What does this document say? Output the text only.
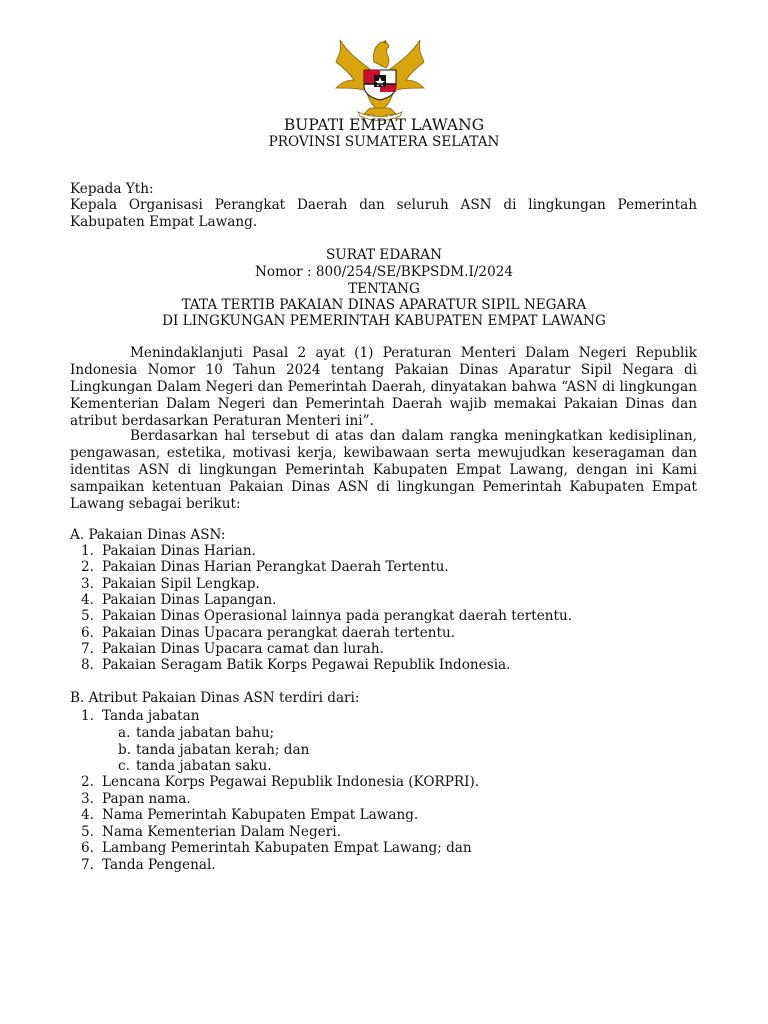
BUPATI EMPAT LAWANG
PROVINSI SUMATERA SELATAN
Kepada Yth:
Kepala Organisasi Perangkat Daerah dan seluruh ASN di lingkungan Pemerintah Kabupaten Empat Lawang.
SURAT EDARAN
Nomor : 800/254/SE/BKPSDM.I/2024
TENTANG
TATA TERTIB PAKAIAN DINAS APARATUR SIPIL NEGARA
DI LINGKUNGAN PEMERINTAH KABUPATEN EMPAT LAWANG
Menindaklanjuti Pasal 2 ayat (1) Peraturan Menteri Dalam Negeri Republik Indonesia Nomor 10 Tahun 2024 tentang Pakaian Dinas Aparatur Sipil Negara di Lingkungan Dalam Negeri dan Pemerintah Daerah, dinyatakan bahwa “ASN di lingkungan Kementerian Dalam Negeri dan Pemerintah Daerah wajib memakai Pakaian Dinas dan atribut berdasarkan Peraturan Menteri ini”.
Berdasarkan hal tersebut di atas dan dalam rangka meningkatkan kedisiplinan, pengawasan, estetika, motivasi kerja, kewibawaan serta mewujudkan keseragaman dan identitas ASN di lingkungan Pemerintah Kabupaten Empat Lawang, dengan ini Kami sampaikan ketentuan Pakaian Dinas ASN di lingkungan Pemerintah Kabupaten Empat Lawang sebagai berikut:
A. Pakaian Dinas ASN:
1. Pakaian Dinas Harian.
2. Pakaian Dinas Harian Perangkat Daerah Tertentu.
3. Pakaian Sipil Lengkap.
4. Pakaian Dinas Lapangan.
5. Pakaian Dinas Operasional lainnya pada perangkat daerah tertentu.
6. Pakaian Dinas Upacara perangkat daerah tertentu.
7. Pakaian Dinas Upacara camat dan lurah.
8. Pakaian Seragam Batik Korps Pegawai Republik Indonesia.
B. Atribut Pakaian Dinas ASN terdiri dari:
1. Tanda jabatan
a. tanda jabatan bahu;
b. tanda jabatan kerah; dan
c. tanda jabatan saku.
2. Lencana Korps Pegawai Republik Indonesia (KORPRI).
3. Papan nama.
4. Nama Pemerintah Kabupaten Empat Lawang.
5. Nama Kementerian Dalam Negeri.
6. Lambang Pemerintah Kabupaten Empat Lawang; dan
7. Tanda Pengenal.
